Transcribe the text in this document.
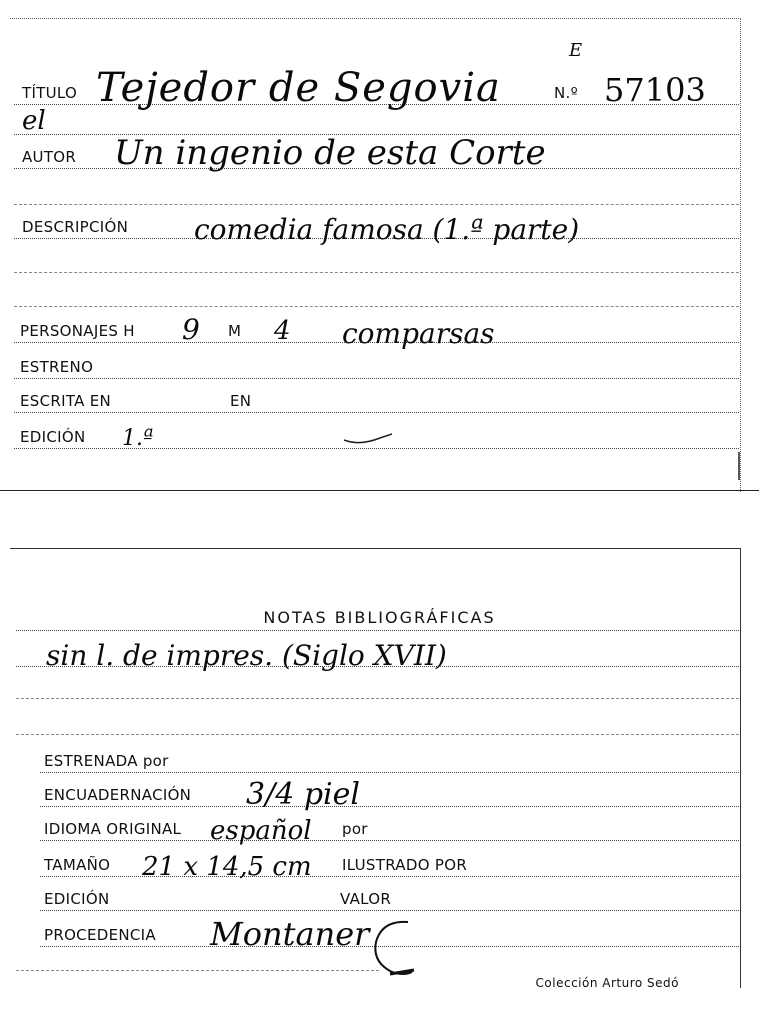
TÍTULO Tejedor de Segovia
E
N.º 57103
el
AUTOR Un ingenio de esta Corte
DESCRIPCIÓN comedia famosa (1.ª parte)
PERSONAJES H 9 M 4 comparsas
ESTRENO
ESCRITA EN	EN
EDICIÓN 1.ª
NOTAS BIBLIOGRÁFICAS
sin l. de impres. (Siglo XVII)
ESTRENADA por
ENCUADERNACIÓN 3/4 piel
IDIOMA ORIGINAL español por
TAMAÑO 21 x 14,5 cm ILUSTRADO POR
EDICIÓN	VALOR
PROCEDENCIA Montaner
Colección Arturo Sedó
